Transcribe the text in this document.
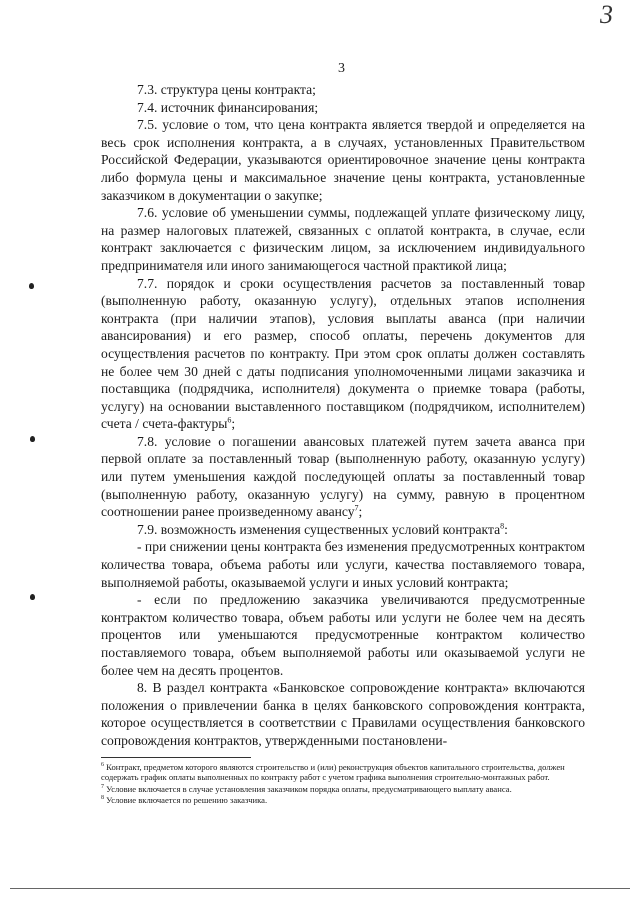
3
3

7.3. структура цены контракта;

7.4. источник финансирования;

7.5. условие о том, что цена контракта является твердой и определяется на весь срок исполнения контракта, а в случаях, установленных Правительством Российской Федерации, указываются ориентировочное значение цены контракта либо формула цены и максимальное значение цены контракта, установленные заказчиком в документации о закупке;

7.6. условие об уменьшении суммы, подлежащей уплате физическому лицу, на размер налоговых платежей, связанных с оплатой контракта, в случае, если контракт заключается с физическим лицом, за исключением индивидуального предпринимателя или иного занимающегося частной практикой лица;

7.7. порядок и сроки осуществления расчетов за поставленный товар (выполненную работу, оказанную услугу), отдельных этапов исполнения контракта (при наличии этапов), условия выплаты аванса (при наличии авансирования) и его размер, способ оплаты, перечень документов для осуществления расчетов по контракту. При этом срок оплаты должен составлять не более чем 30 дней с даты подписания уполномоченными лицами заказчика и поставщика (подрядчика, исполнителя) документа о приемке товара (работы, услугу) на основании выставленного поставщиком (подрядчиком, исполнителем) счета / счета-фактуры$^6$;

7.8. условие о погашении авансовых платежей путем зачета аванса при первой оплате за поставленный товар (выполненную работу, оказанную услугу) или путем уменьшения каждой последующей оплаты за поставленный товар (выполненную работу, оказанную услугу) на сумму, равную в процентном соотношении ранее произведенному авансу$^7$;

7.9. возможность изменения существенных условий контракта$^8$:

- при снижении цены контракта без изменения предусмотренных контрактом количества товара, объема работы или услуги, качества поставляемого товара, выполняемой работы, оказываемой услуги и иных условий контракта;

- если по предложению заказчика увеличиваются предусмотренные контрактом количество товара, объем работы или услуги не более чем на десять процентов или уменьшаются предусмотренные контрактом количество поставляемого товара, объем выполняемой работы или оказываемой услуги не более чем на десять процентов.

8. В раздел контракта «Банковское сопровождение контракта» включаются положения о привлечении банка в целях банковского сопровождения контракта, которое осуществляется в соответствии с Правилами осуществления банковского сопровождения контрактов, утвержденными постановлени-

$^6$ Контракт, предметом которого являются строительство и (или) реконструкция объектов капитального строительства, должен содержать график оплаты выполненных по контракту работ с учетом графика выполнения строительно-монтажных работ.

$^7$ Условие включается в случае установления заказчиком порядка оплаты, предусматривающего выплату аванса.

$^8$ Условие включается по решению заказчика.
